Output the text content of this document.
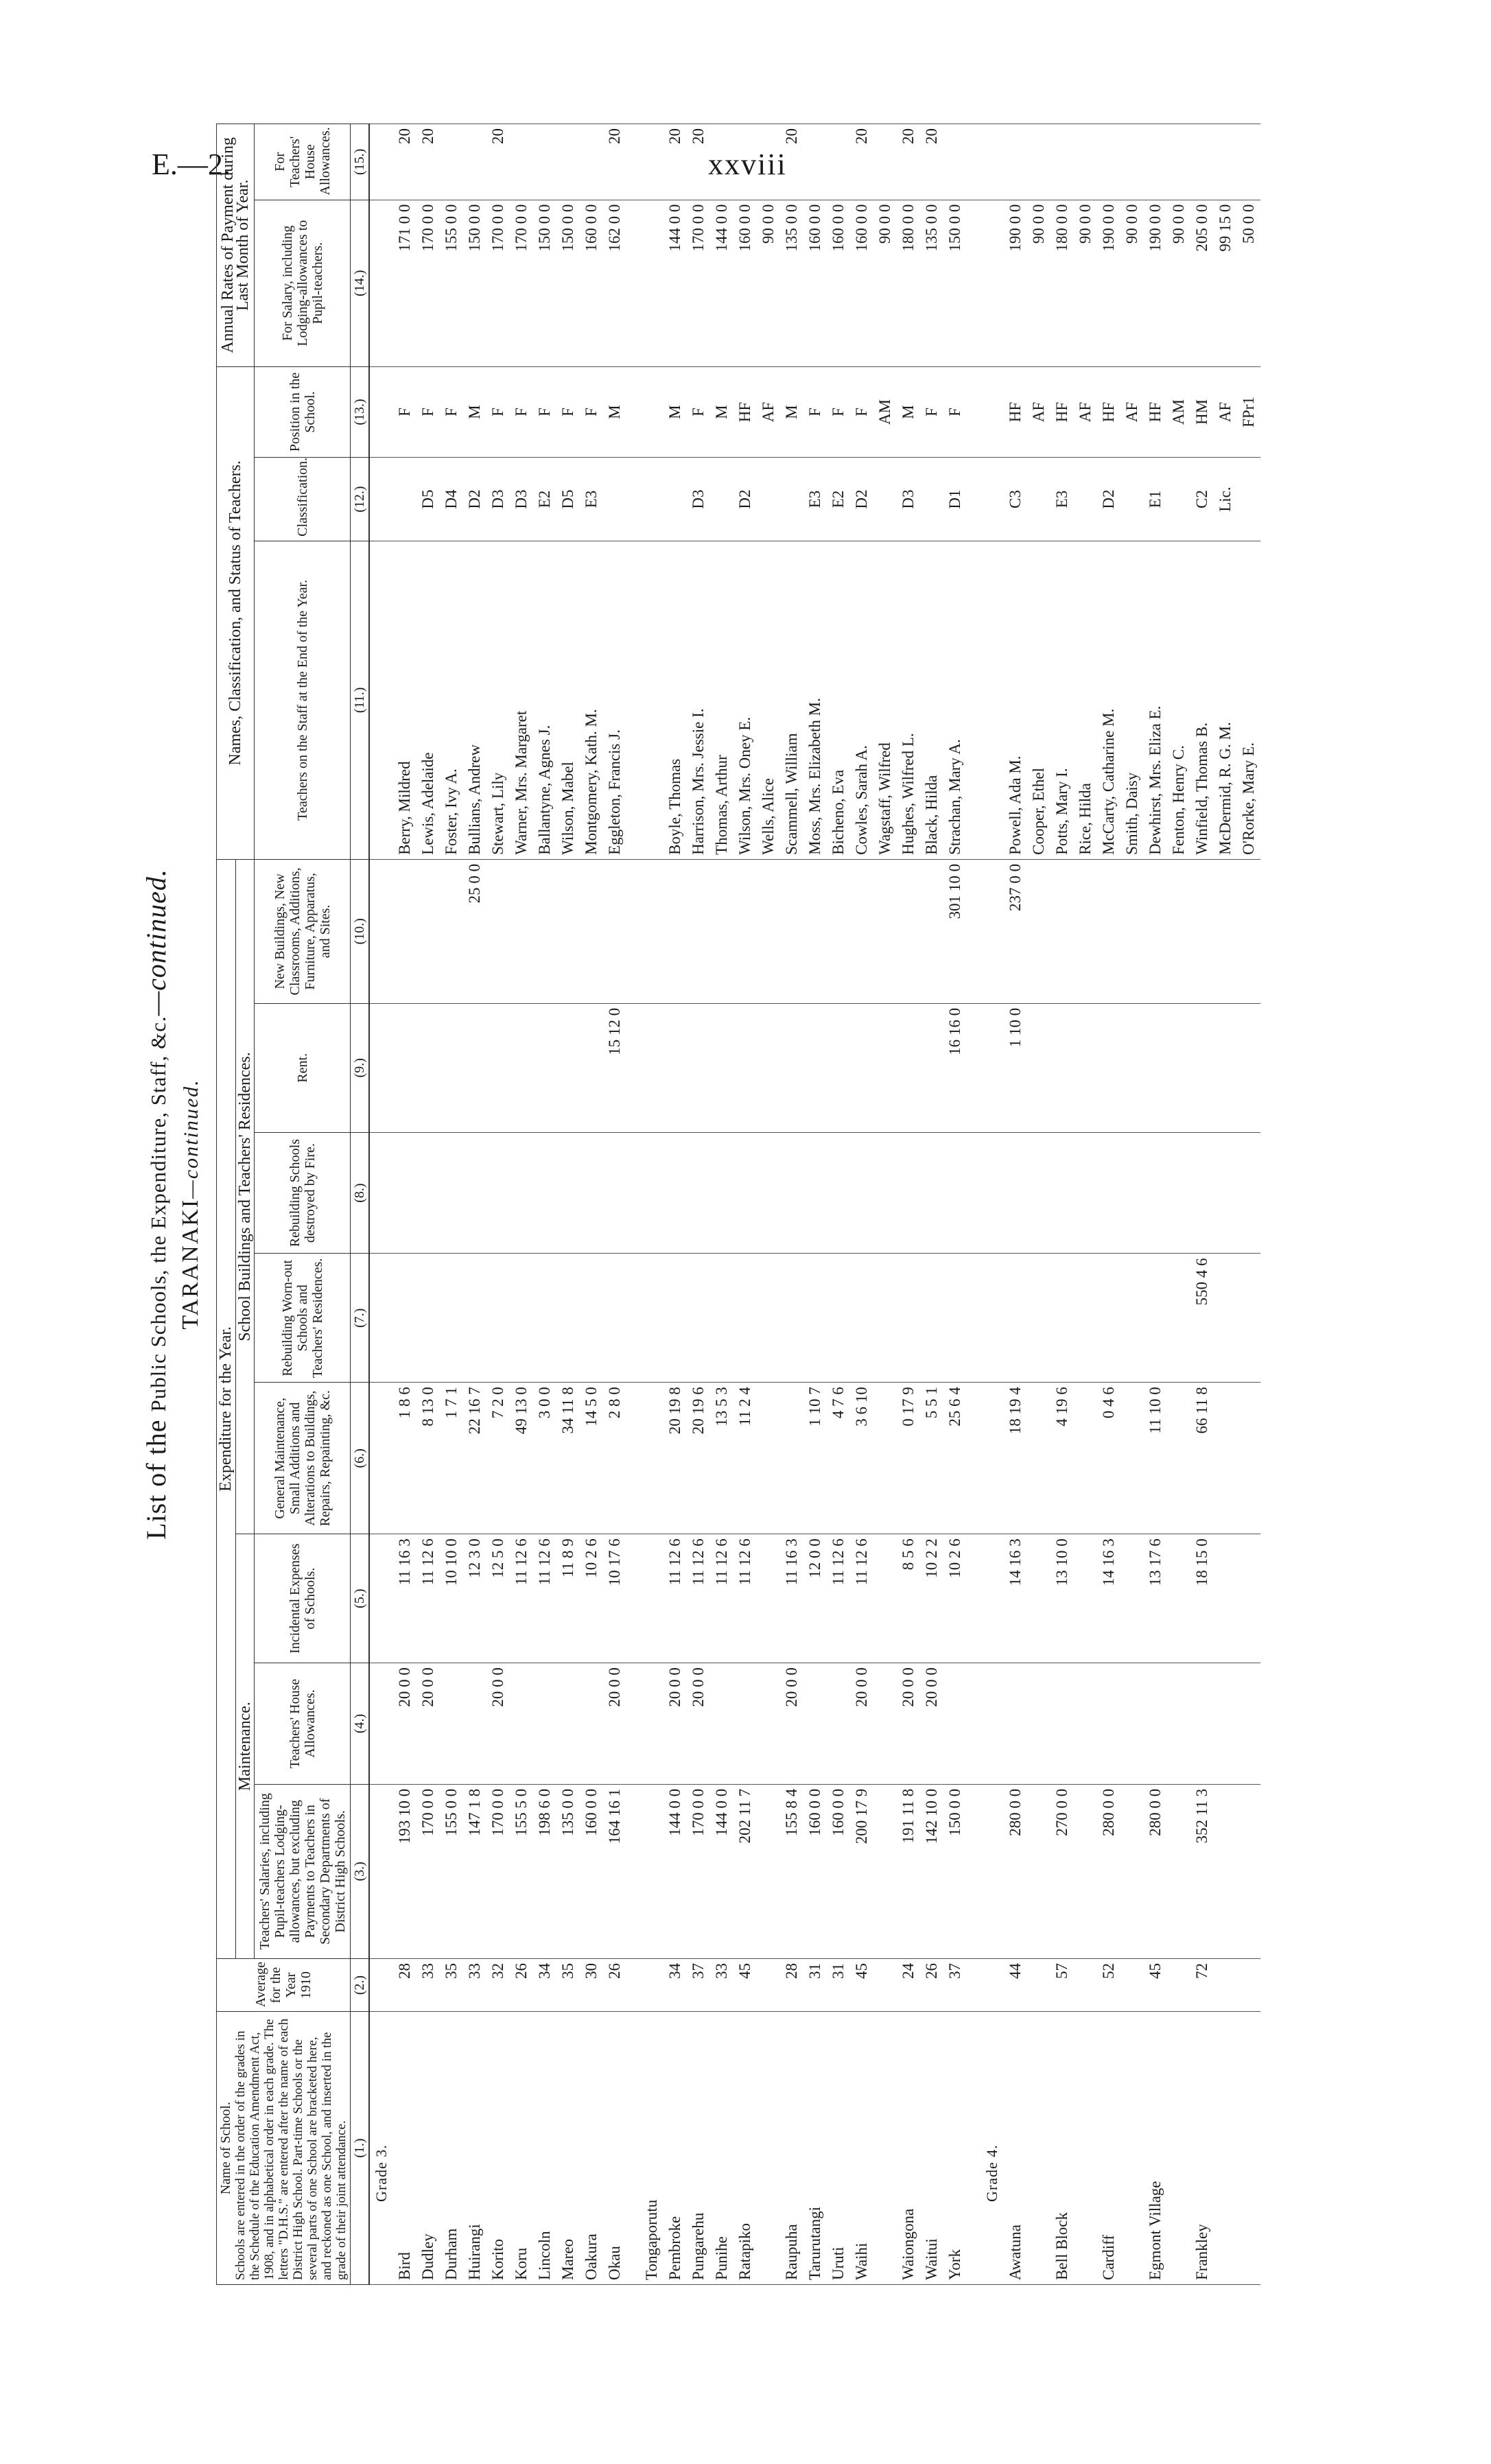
E.—2.	xxviii
List of the Public Schools, the Expenditure, Staff, &c.—continued.
TARANAKI—continued.
Name of School. Schools are entered in the order of the grades in the Schedule of the Education Amendment Act, 1908, and in alphabetical order in each grade. The letters "D.H.S." are entered after the name of each District High School. Part-time Schools or the several parts of one School are bracketed here, and reckoned as one School, and inserted in the grade of their joint attendance.	Average for the Year 1910	Expenditure for the Year.								Names, Classification, and Status of Teachers.			Annual Rates of Payment during Last Month of Year.	
		Maintenance.			School Buildings and Teachers' Residences.									
		Teachers' Salaries, including Pupil-teachers Lodging-allowances, but excluding Payments to Teachers in Secondary Departments of District High Schools.	Teachers' House Allowances.	Incidental Expenses of Schools.	General Maintenance, Small Additions and Alterations to Buildings, Repairs, Repainting, &c.	Rebuilding Worn-out Schools and Teachers' Residences.	Rebuilding Schools destroyed by Fire.	Rent.	New Buildings, New Classrooms, Additions, Furniture, Apparatus, and Sites.	Teachers on the Staff at the End of the Year.	Classification.	Position in the School.	For Salary, including Lodging-allowances to Pupil-teachers.	For Teachers' House Allowances.
(1.)	(2.)	(3.)	(4.)	(5.)	(6.)	(7.)	(8.)	(9.)	(10.)	(11.)	(12.)	(13.)	(14.)	(15.)
Grade 3.														
Bird	28	193 10 0	20 0 0	11 16 3	1 8 6					Berry, Mildred		F	171 0 0	20
Dudley	33	170 0 0	20 0 0	11 12 6	8 13 0					Lewis, Adelaide	D5	F	170 0 0	20
Durham	35	155 0 0		10 10 0	1 7 1					Foster, Ivy A.	D4	F	155 0 0	
Huirangi	33	147 1 8		12 3 0	22 16 7				25 0 0	Bullians, Andrew	D2	M	150 0 0	
Korito	32	170 0 0	20 0 0	12 5 0	7 2 0					Stewart, Lily	D3	F	170 0 0	20
Koru	26	155 5 0		11 12 6	49 13 0					Warner, Mrs. Margaret	D3	F	170 0 0	
Lincoln	34	198 6 0		11 12 6	3 0 0					Ballantyne, Agnes J.	E2	F	150 0 0	
Mareo	35	135 0 0		11 8 9	34 11 8					Wilson, Mabel	D5	F	150 0 0	
Oakura	30	160 0 0		10 2 6	14 5 0					Montgomery, Kath. M.	E3	F	160 0 0	
Okau	26	164 16 1	20 0 0	10 17 6	2 8 0			15 12 0		Eggleton, Francis J.		M	162 0 0	20

Tongaporutu														
Pembroke	34	144 0 0	20 0 0	11 12 6	20 19 8					Boyle, Thomas		M	144 0 0	20
Pungarehu	37	170 0 0	20 0 0	11 12 6	20 19 6					Harrison, Mrs. Jessie I.	D3	F	170 0 0	20
Punihe	33	144 0 0		11 12 6	13 5 3					Thomas, Arthur		M	144 0 0	
Ratapiko	45	202 11 7		11 12 6	11 2 4					Wilson, Mrs. Oney E.	D2	HF	160 0 0	
										Wells, Alice		AF	90 0 0	
Raupuha	28	155 8 4	20 0 0	11 16 3						Scammell, William		M	135 0 0	20
Tarurutangi	31	160 0 0		12 0 0	1 10 7					Moss, Mrs. Elizabeth M.	E3	F	160 0 0	
Uruti	31	160 0 0		11 12 6	4 7 6					Bicheno, Eva	E2	F	160 0 0	
Waihi	45	200 17 9	20 0 0	11 12 6	3 6 10					Cowles, Sarah A.	D2	F	160 0 0	20
										Wagstaff, Wilfred		AM	90 0 0	
Waiongona	24	191 11 8	20 0 0	8 5 6	0 17 9					Hughes, Wilfred L.	D3	M	180 0 0	20
Waitui	26	142 10 0	20 0 0	10 2 2	5 5 1					Black, Hilda		F	135 0 0	20
York	37	150 0 0		10 2 6	25 6 4			16 16 0	301 10 0	Strachan, Mary A.	D1	F	150 0 0	

Grade 4.														
Awatuna	44	280 0 0		14 16 3	18 19 4			1 10 0	237 0 0	Powell, Ada M.	C3	HF	190 0 0	
										Cooper, Ethel		AF	90 0 0	
Bell Block	57	270 0 0		13 10 0	4 19 6					Potts, Mary I.	E3	HF	180 0 0	
										Rice, Hilda		AF	90 0 0	
Cardiff	52	280 0 0		14 16 3	0 4 6					McCarty, Catharine M.	D2	HF	190 0 0	
										Smith, Daisy		AF	90 0 0	
Egmont Village	45	280 0 0		13 17 6	11 10 0					Dewhirst, Mrs. Eliza E.	E1	HF	190 0 0	
										Fenton, Henry C.		AM	90 0 0	
Frankley	72	352 11 3		18 15 0	66 11 8	550 4 6				Winfield, Thomas B.	C2	HM	205 0 0	
										McDermid, R. G. M.	Lic.	AF	99 15 0	
										O'Rorke, Mary E.		FPr1	50 0 0	
